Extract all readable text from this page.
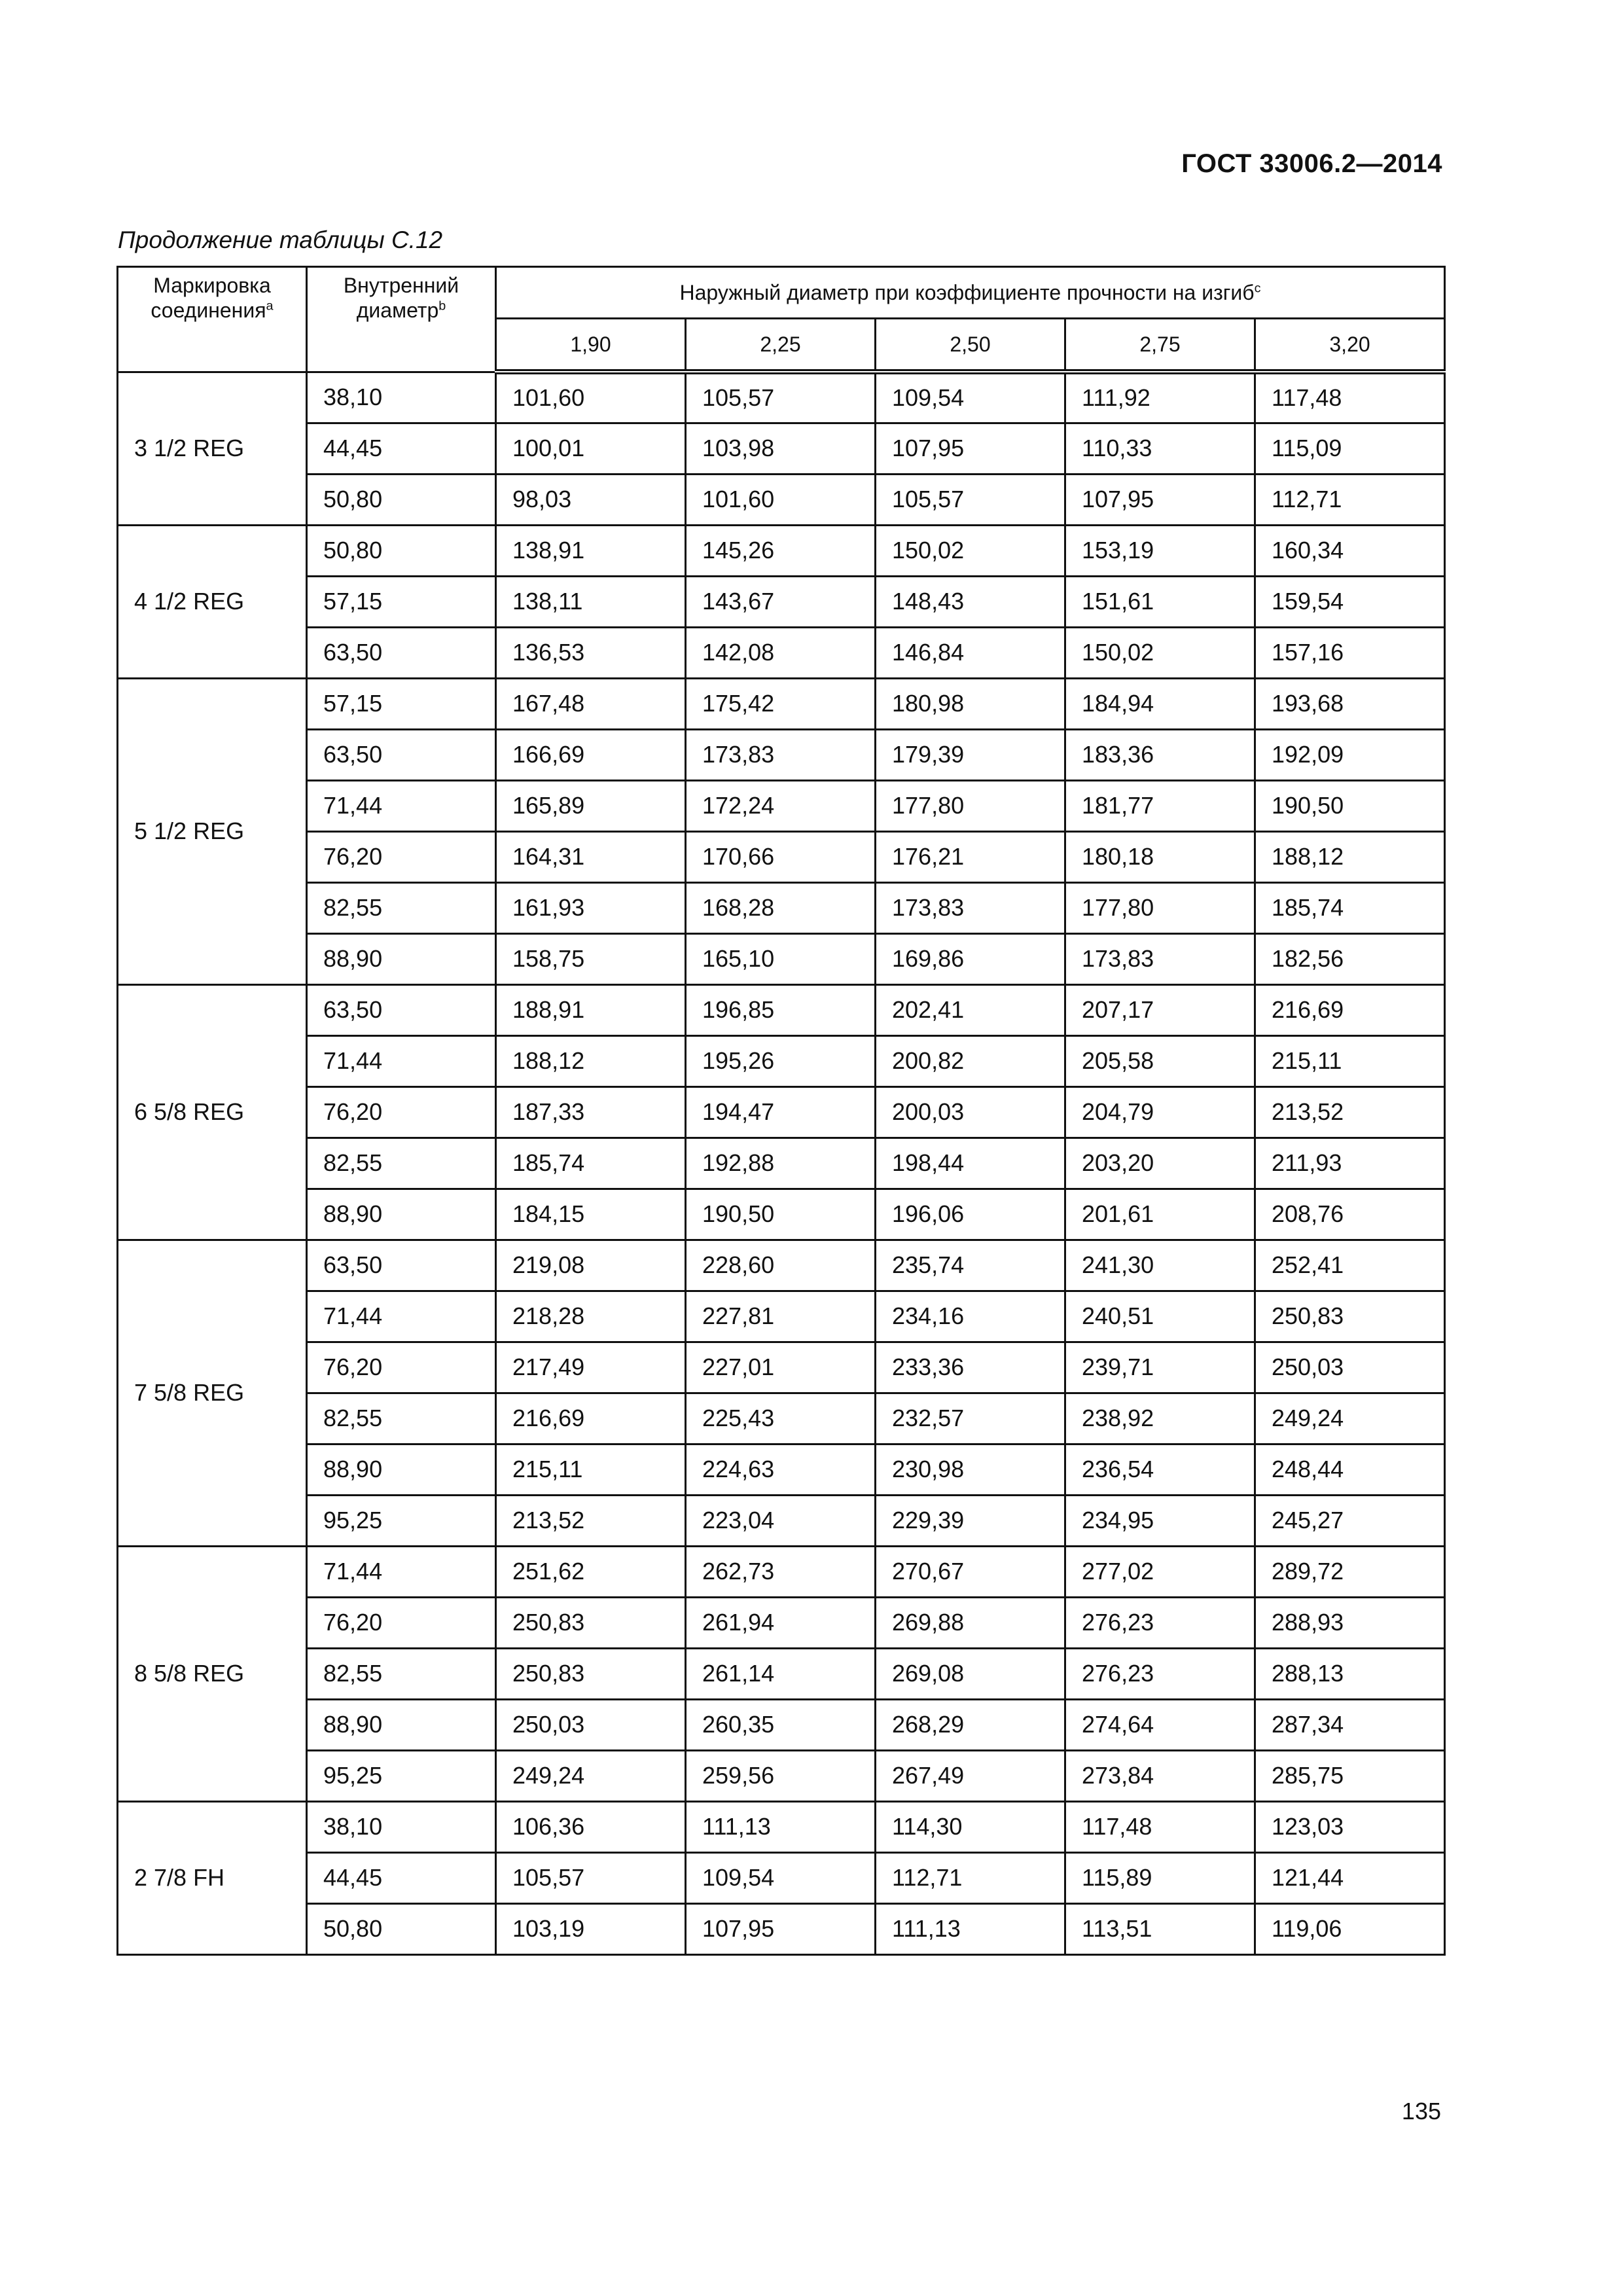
ГОСТ 33006.2—2014
Продолжение таблицы С.12
Маркировка соединения$^a$	Внутренний диаметр$^b$	Наружный диаметр при коэффициенте прочности на изгиб$^c$
		1,90	2,25	2,50	2,75	3,20
3 1/2 REG	38,10	101,60	105,57	109,54	111,92	117,48
	44,45	100,01	103,98	107,95	110,33	115,09
	50,80	98,03	101,60	105,57	107,95	112,71
4 1/2 REG	50,80	138,91	145,26	150,02	153,19	160,34
	57,15	138,11	143,67	148,43	151,61	159,54
	63,50	136,53	142,08	146,84	150,02	157,16
5 1/2 REG	57,15	167,48	175,42	180,98	184,94	193,68
	63,50	166,69	173,83	179,39	183,36	192,09
	71,44	165,89	172,24	177,80	181,77	190,50
	76,20	164,31	170,66	176,21	180,18	188,12
	82,55	161,93	168,28	173,83	177,80	185,74
	88,90	158,75	165,10	169,86	173,83	182,56
6 5/8 REG	63,50	188,91	196,85	202,41	207,17	216,69
	71,44	188,12	195,26	200,82	205,58	215,11
	76,20	187,33	194,47	200,03	204,79	213,52
	82,55	185,74	192,88	198,44	203,20	211,93
	88,90	184,15	190,50	196,06	201,61	208,76
7 5/8 REG	63,50	219,08	228,60	235,74	241,30	252,41
	71,44	218,28	227,81	234,16	240,51	250,83
	76,20	217,49	227,01	233,36	239,71	250,03
	82,55	216,69	225,43	232,57	238,92	249,24
	88,90	215,11	224,63	230,98	236,54	248,44
	95,25	213,52	223,04	229,39	234,95	245,27
8 5/8 REG	71,44	251,62	262,73	270,67	277,02	289,72
	76,20	250,83	261,94	269,88	276,23	288,93
	82,55	250,83	261,14	269,08	276,23	288,13
	88,90	250,03	260,35	268,29	274,64	287,34
	95,25	249,24	259,56	267,49	273,84	285,75
2 7/8 FH	38,10	106,36	111,13	114,30	117,48	123,03
	44,45	105,57	109,54	112,71	115,89	121,44
	50,80	103,19	107,95	111,13	113,51	119,06
135
